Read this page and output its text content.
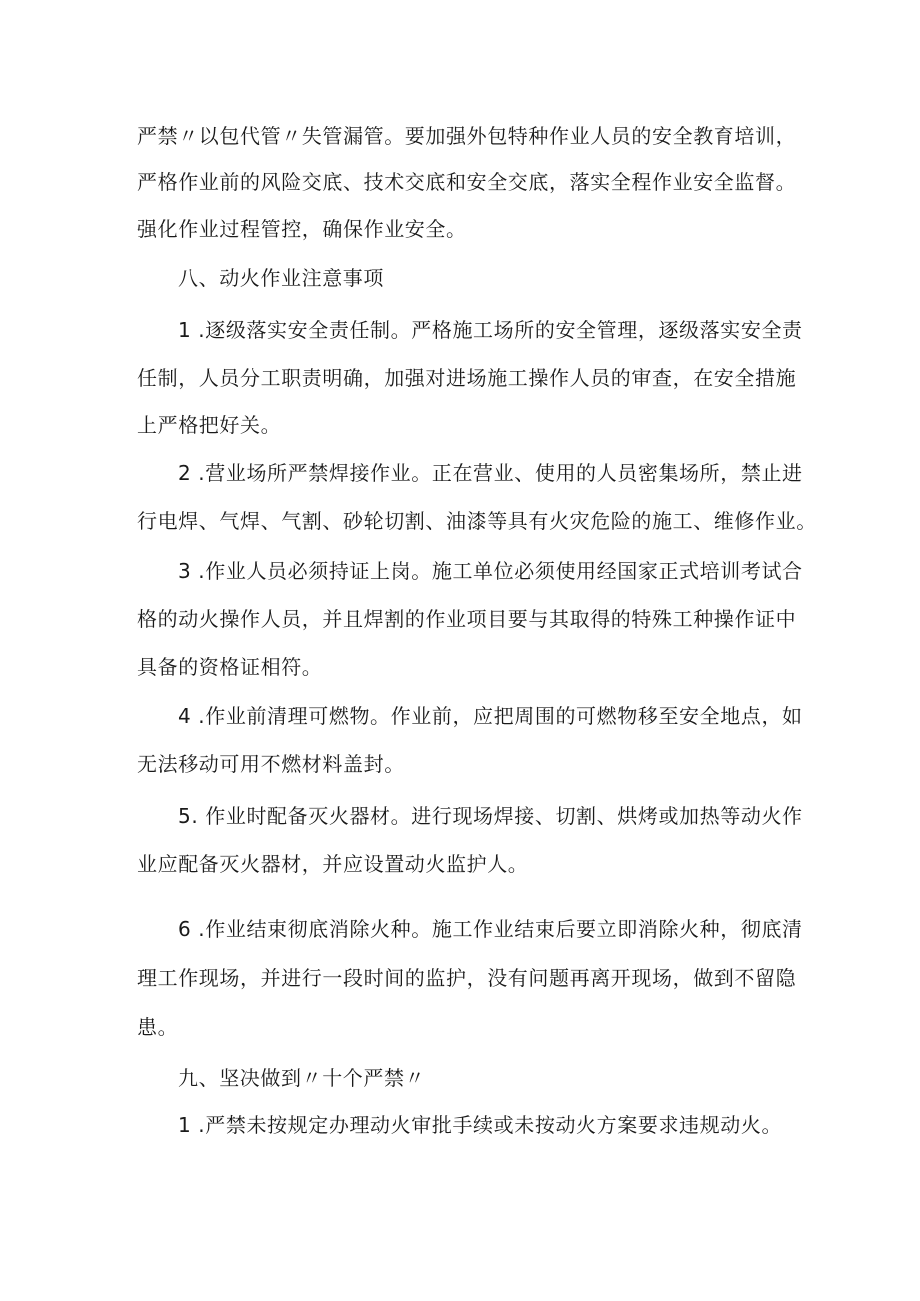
严禁〃以包代管〃失管漏管。要加强外包特种作业人员的安全教育培训，
严格作业前的风险交底、技术交底和安全交底，落实全程作业安全监督。
强化作业过程管控，确保作业安全。
八、动火作业注意事项
1 .逐级落实安全责任制。严格施工场所的安全管理，逐级落实安全责
任制，人员分工职责明确，加强对进场施工操作人员的审查，在安全措施
上严格把好关。
2 .营业场所严禁焊接作业。正在营业、使用的人员密集场所，禁止进
行电焊、气焊、气割、砂轮切割、油漆等具有火灾危险的施工、维修作业。
3 .作业人员必须持证上岗。施工单位必须使用经国家正式培训考试合
格的动火操作人员，并且焊割的作业项目要与其取得的特殊工种操作证中
具备的资格证相符。
4 .作业前清理可燃物。作业前，应把周围的可燃物移至安全地点，如
无法移动可用不燃材料盖封。
5. 作业时配备灭火器材。进行现场焊接、切割、烘烤或加热等动火作
业应配备灭火器材，并应设置动火监护人。
6 .作业结束彻底消除火种。施工作业结束后要立即消除火种，彻底清
理工作现场，并进行一段时间的监护，没有问题再离开现场，做到不留隐
患。
九、坚决做到〃十个严禁〃
1 .严禁未按规定办理动火审批手续或未按动火方案要求违规动火。
